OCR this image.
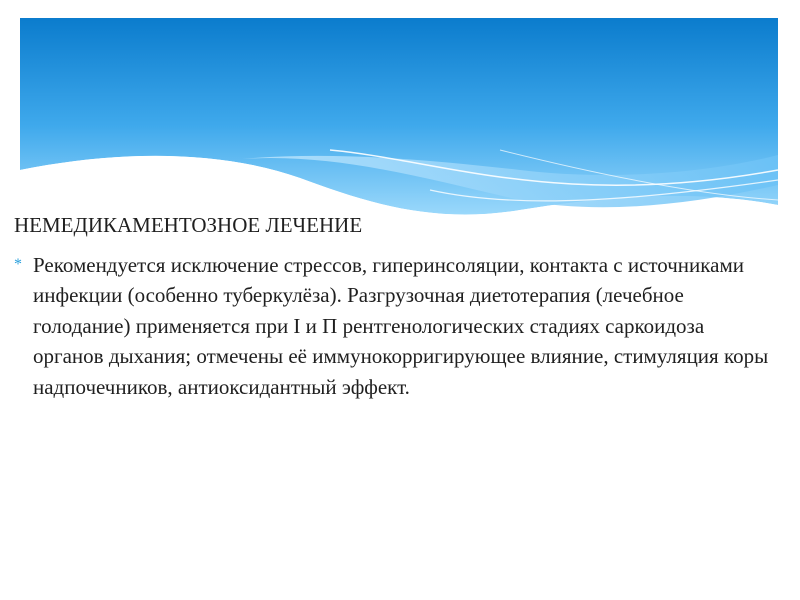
НЕМЕДИКАМЕНТОЗНОЕ ЛЕЧЕНИЕ

* Рекомендуется исключение стрессов, гиперинсоляции, контакта с источниками инфекции (особенно туберкулёза). Разгрузочная диетотерапия (лечебное голодание) применяется при I и П рентгенологических стадиях саркоидоза органов дыхания; отмечены её иммунокорригирующее влияние, стимуляция коры надпочечников, антиоксидантный эффект.
